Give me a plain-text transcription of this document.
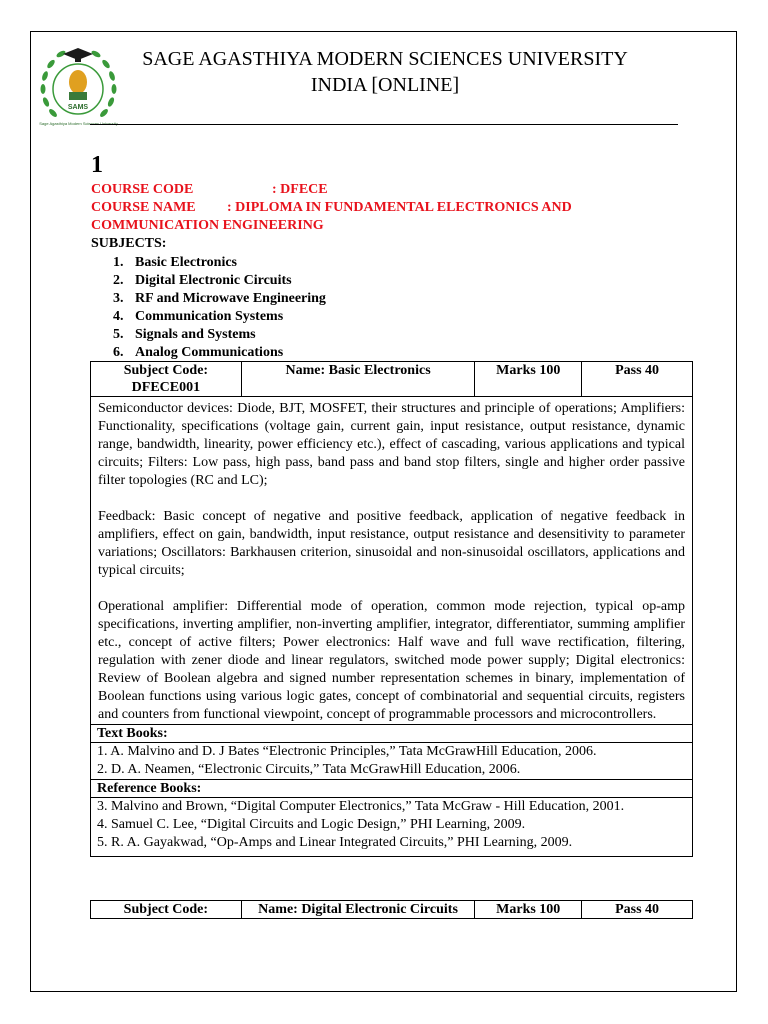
SAMS
Sage Agasthiya Modern Sciences University
SAGE AGASTHIYA MODERN SCIENCES UNIVERSITY
INDIA [ONLINE]
1
COURSE CODE	: DFECE
COURSE NAME : DIPLOMA IN FUNDAMENTAL ELECTRONICS AND
COMMUNICATION ENGINEERING
SUBJECTS:
1. Basic Electronics
2. Digital Electronic Circuits
3. RF and Microwave Engineering
4. Communication Systems
5. Signals and Systems
6. Analog Communications
Subject Code:
DFECE001
	Name: Basic Electronics	Marks 100	Pass 40

Semiconductor devices: Diode, BJT, MOSFET, their structures and principle of operations; Amplifiers: Functionality, specifications (voltage gain, current gain, input resistance, output resistance, dynamic range, bandwidth, linearity, power efficiency etc.), effect of cascading, various applications and typical circuits; Filters: Low pass, high pass, band pass and band stop filters, single and higher order passive filter topologies (RC and LC);

Feedback: Basic concept of negative and positive feedback, application of negative feedback in amplifiers, effect on gain, bandwidth, input resistance, output resistance and desensitivity to parameter variations; Oscillators: Barkhausen criterion, sinusoidal and non-sinusoidal oscillators, applications and typical circuits;

Operational amplifier: Differential mode of operation, common mode rejection, typical op-amp specifications, inverting amplifier, non-inverting amplifier, integrator, differentiator, summing amplifier etc., concept of active filters; Power electronics: Half wave and full wave rectification, filtering, regulation with zener diode and linear regulators, switched mode power supply; Digital electronics: Review of Boolean algebra and signed number representation schemes in binary, implementation of Boolean functions using various logic gates, concept of combinatorial and sequential circuits, registers and counters from functional viewpoint, concept of programmable processors and microcontrollers.

Text Books:

1. A. Malvino and D. J Bates “Electronic Principles,” Tata McGrawHill Education, 2006.
2. D. A. Neamen, “Electronic Circuits,” Tata McGrawHill Education, 2006.

Reference Books:

3. Malvino and Brown, “Digital Computer Electronics,” Tata McGraw - Hill Education, 2001.
4. Samuel C. Lee, “Digital Circuits and Logic Design,” PHI Learning, 2009.
5. R. A. Gayakwad, “Op-Amps and Linear Integrated Circuits,” PHI Learning, 2009.
Subject Code:	Name: Digital Electronic Circuits	Marks 100	Pass 40
